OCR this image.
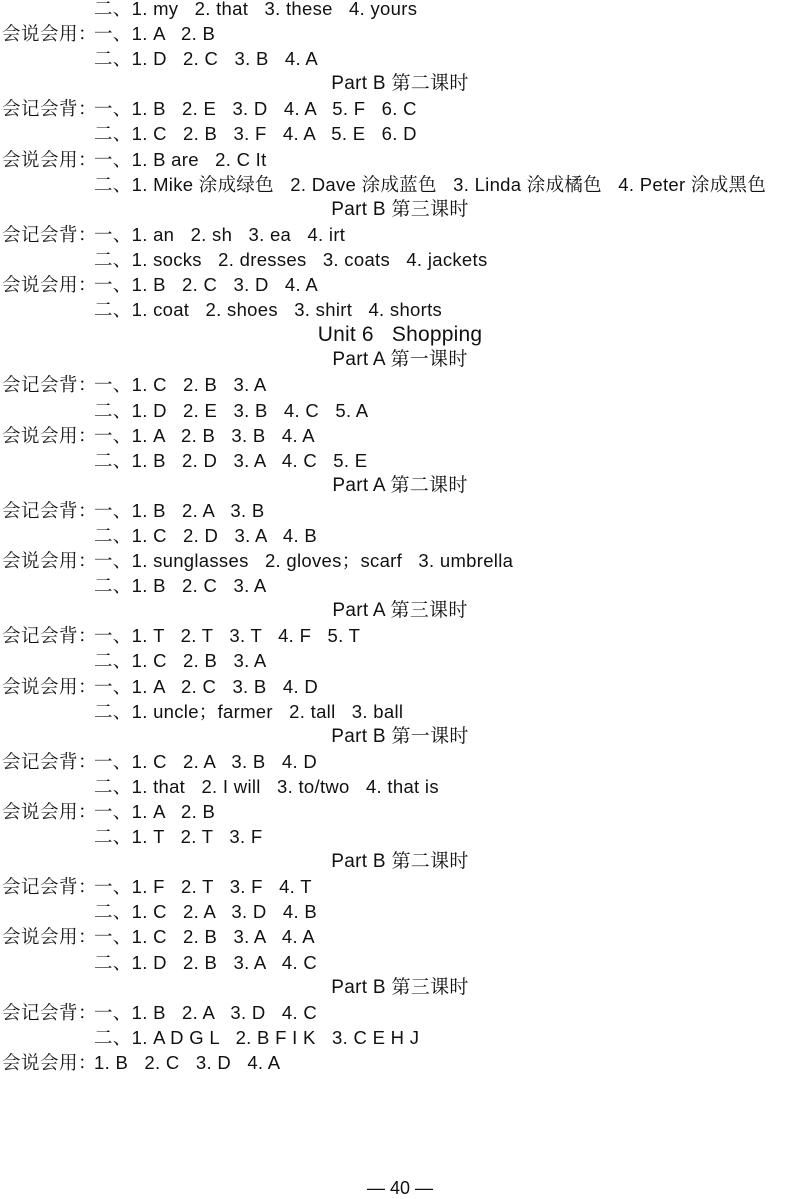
二、1. my   2. that   3. these   4. yours
会说会用：一、1. A   2. B
二、1. D   2. C   3. B   4. A
Part B 第二课时
会记会背：一、1. B   2. E   3. D   4. A   5. F   6. C
二、1. C   2. B   3. F   4. A   5. E   6. D
会说会用：一、1. B are   2. C It
二、1. Mike 涂成绿色   2. Dave 涂成蓝色   3. Linda 涂成橘色   4. Peter 涂成黑色
Part B 第三课时
会记会背：一、1. an   2. sh   3. ea   4. irt
二、1. socks   2. dresses   3. coats   4. jackets
会说会用：一、1. B   2. C   3. D   4. A
二、1. coat   2. shoes   3. shirt   4. shorts
Unit 6   Shopping
Part A 第一课时
会记会背：一、1. C   2. B   3. A
二、1. D   2. E   3. B   4. C   5. A
会说会用：一、1. A   2. B   3. B   4. A
二、1. B   2. D   3. A   4. C   5. E
Part A 第二课时
会记会背：一、1. B   2. A   3. B
二、1. C   2. D   3. A   4. B
会说会用：一、1. sunglasses   2. gloves；scarf   3. umbrella
二、1. B   2. C   3. A
Part A 第三课时
会记会背：一、1. T   2. T   3. T   4. F   5. T
二、1. C   2. B   3. A
会说会用：一、1. A   2. C   3. B   4. D
二、1. uncle；farmer   2. tall   3. ball
Part B 第一课时
会记会背：一、1. C   2. A   3. B   4. D
二、1. that   2. I will   3. to/two   4. that is
会说会用：一、1. A   2. B
二、1. T   2. T   3. F
Part B 第二课时
会记会背：一、1. F   2. T   3. F   4. T
二、1. C   2. A   3. D   4. B
会说会用：一、1. C   2. B   3. A   4. A
二、1. D   2. B   3. A   4. C
Part B 第三课时
会记会背：一、1. B   2. A   3. D   4. C
二、1. A D G L   2. B F I K   3. C E H J
会说会用：1. B   2. C   3. D   4. A
— 40 —
